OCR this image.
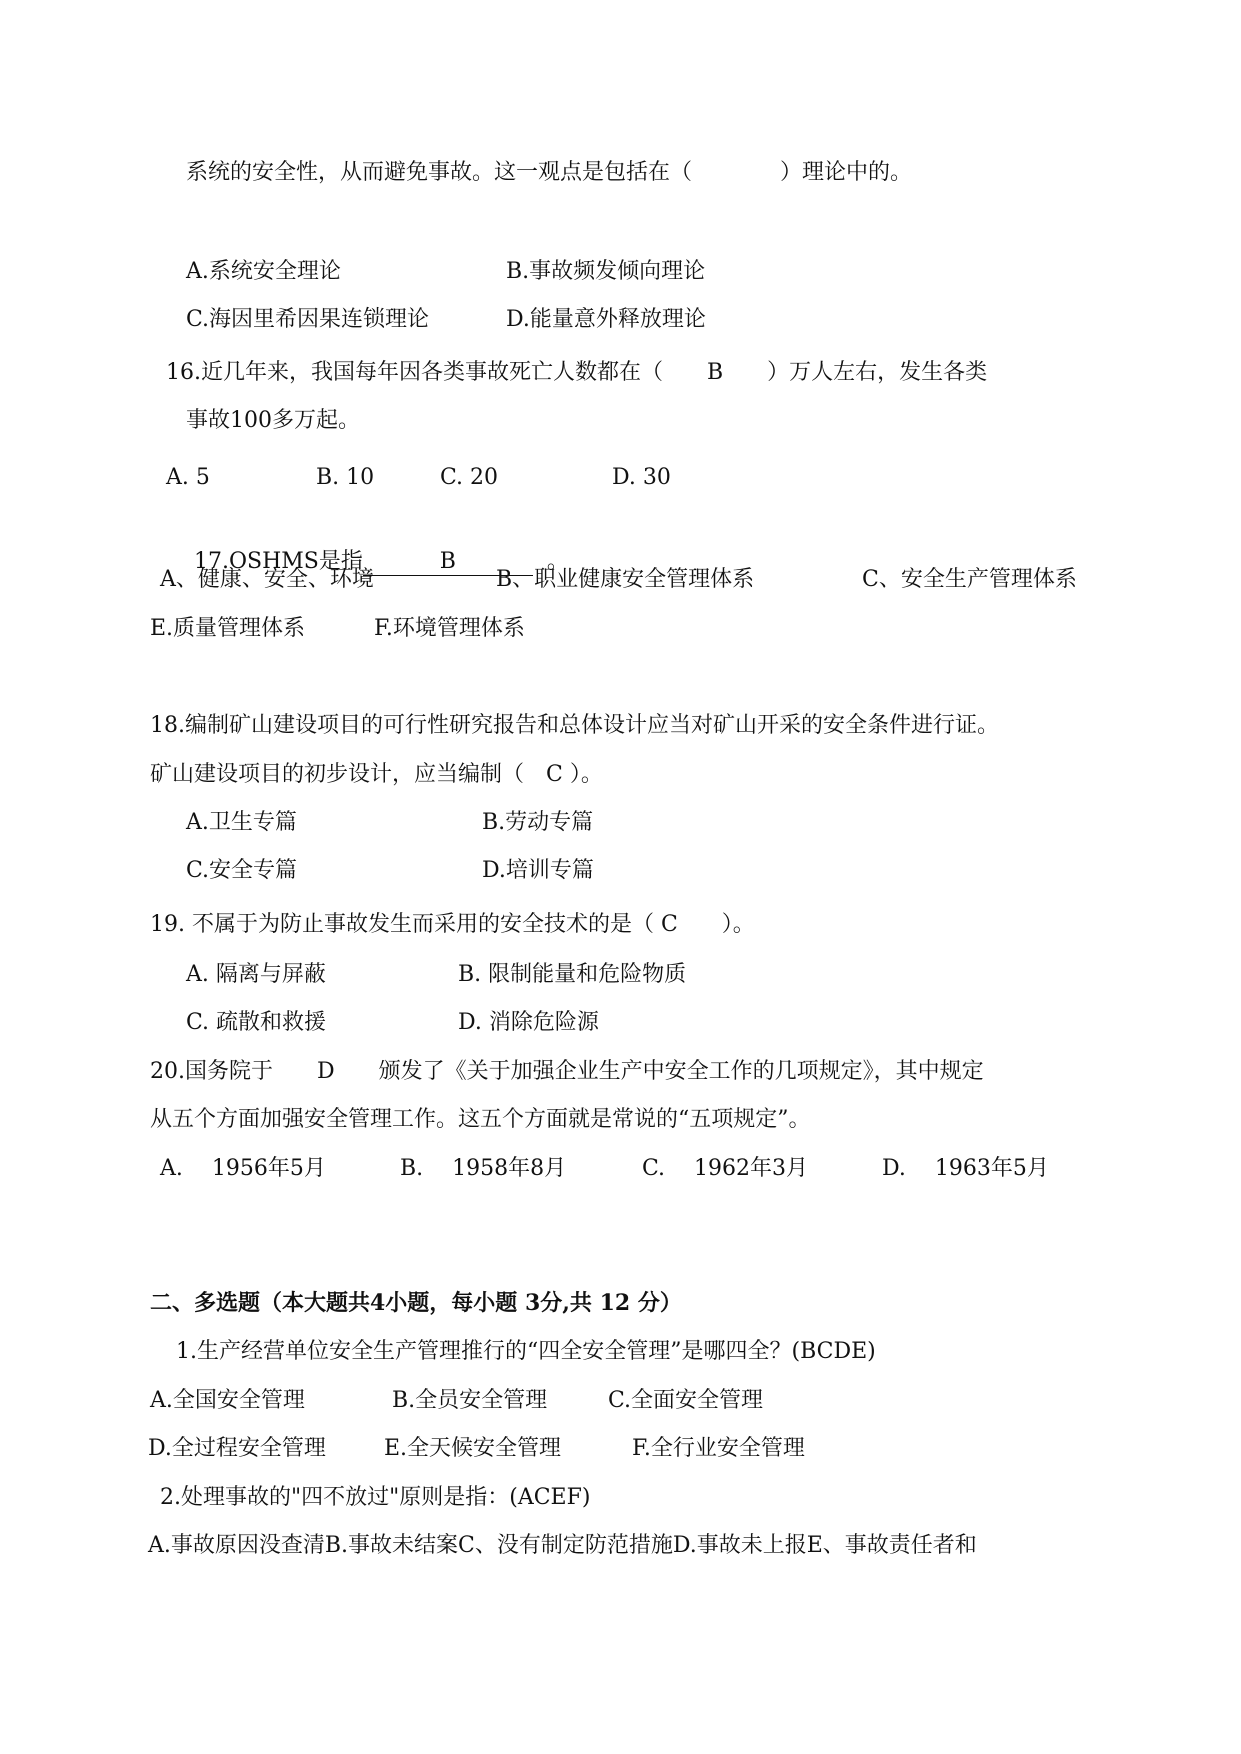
系统的安全性，从而避免事故。这一观点是包括在（　　　　）理论中的。
A.系统安全理论	B.事故频发倾向理论
C.海因里希因果连锁理论	D.能量意外释放理论
16.近几年来，我国每年因各类事故死亡人数都在（　　B　　）万人左右，发生各类
事故100多万起。
A. 5	B. 10	C. 20	D. 30

17.OSHMS是指	B	。

A、健康、安全、环境	B、职业健康安全管理体系	C、安全生产管理体系
E.质量管理体系	F.环境管理体系
18.编制矿山建设项目的可行性研究报告和总体设计应当对矿山开采的安全条件进行证。
矿山建设项目的初步设计，应当编制（　C ）。
A.卫生专篇	B.劳动专篇
C.安全专篇	D.培训专篇
19. 不属于为防止事故发生而采用的安全技术的是（ C　　）。
A. 隔离与屏蔽	B. 限制能量和危险物质
C. 疏散和救援	D. 消除危险源
20.国务院于　　D　　颁发了《关于加强企业生产中安全工作的几项规定》，其中规定
从五个方面加强安全管理工作。这五个方面就是常说的“五项规定”。
A.　 1956年5月	B.　 1958年8月	C.　 1962年3月	D.　 1963年5月
二、多选题（本大题共4小题，每小题 3分,共 12 分）
1.生产经营单位安全生产管理推行的“四全安全管理”是哪四全？(BCDE)
A.全国安全管理	B.全员安全管理	C.全面安全管理
D.全过程安全管理	E.全天候安全管理	F.全行业安全管理
2.处理事故的"四不放过"原则是指：(ACEF)
A.事故原因没查清B.事故未结案C、没有制定防范措施D.事故未上报E、事故责任者和
